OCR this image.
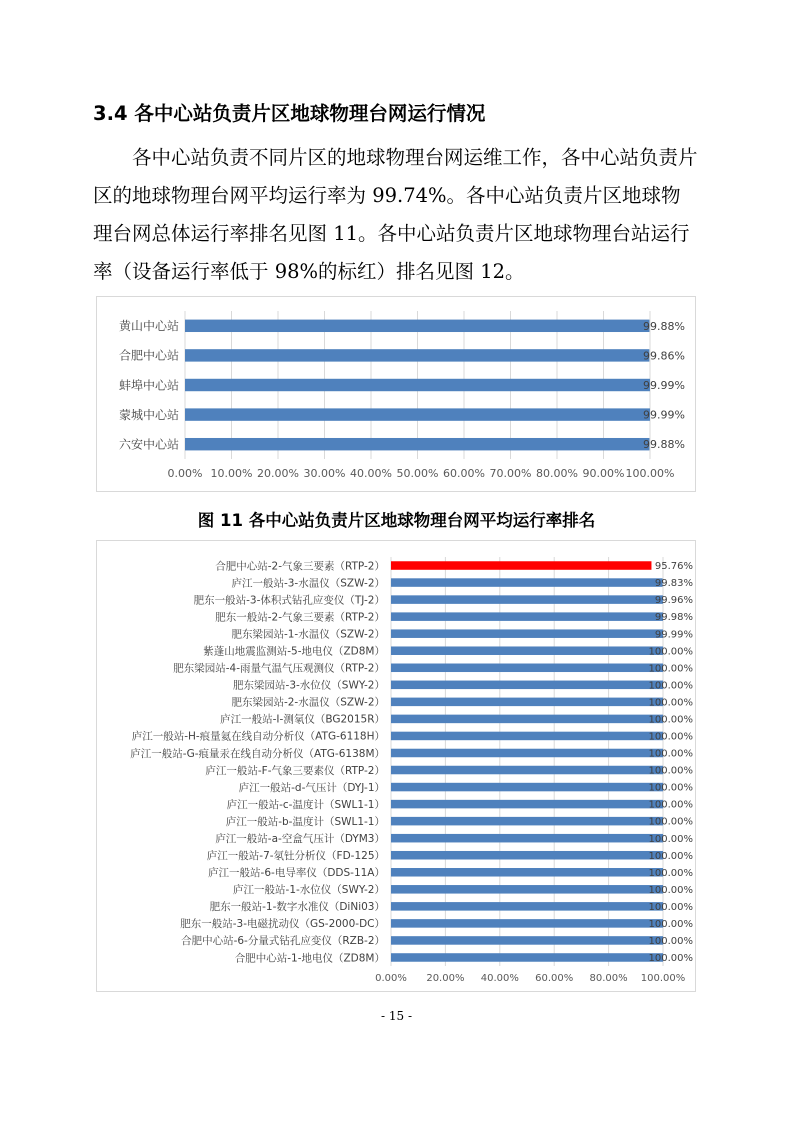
3.4 各中心站负责片区地球物理台网运行情况

各中心站负责不同片区的地球物理台网运维工作，各中心站负责片区的地球物理台网平均运行率为 99.74%。各中心站负责片区地球物理台网总体运行率排名见图 11。各中心站负责片区地球物理台站运行率（设备运行率低于 98%的标红）排名见图 12。

0.00% 10.00% 20.00% 30.00% 40.00% 50.00% 60.00% 70.00% 80.00% 90.00% 100.00%
黄山中心站	99.88%
合肥中心站	99.86%
蚌埠中心站	99.99%
蒙城中心站	99.99%
六安中心站	99.88%
图 11 各中心站负责片区地球物理台网平均运行率排名
0.00% 20.00% 40.00% 60.00% 80.00% 100.00%
合肥中心站-2-气象三要素（RTP-2）	95.76%
庐江一般站-3-水温仪（SZW-2）	99.83%
肥东一般站-3-体积式钻孔应变仪（TJ-2）	99.96%
肥东一般站-2-气象三要素（RTP-2）	99.98%
肥东梁园站-1-水温仪（SZW-2）	99.99%
紫蓬山地震监测站-5-地电仪（ZD8M）	100.00%
肥东梁园站-4-雨量气温气压观测仪（RTP-2）	100.00%
肥东梁园站-3-水位仪（SWY-2）	100.00%
肥东梁园站-2-水温仪（SZW-2）	100.00%
庐江一般站-I-测氡仪（BG2015R）	100.00%
庐江一般站-H-痕量氦在线自动分析仪（ATG-6118H）	100.00%
庐江一般站-G-痕量汞在线自动分析仪（ATG-6138M）	100.00%
庐江一般站-F-气象三要素仪（RTP-2）	100.00%
庐江一般站-d-气压计（DYJ-1）	100.00%
庐江一般站-c-温度计（SWL1-1）	100.00%
庐江一般站-b-温度计（SWL1-1）	100.00%
庐江一般站-a-空盒气压计（DYM3）	100.00%
庐江一般站-7-氡钍分析仪（FD-125）	100.00%
庐江一般站-6-电导率仪（DDS-11A）	100.00%
庐江一般站-1-水位仪（SWY-2）	100.00%
肥东一般站-1-数字水准仪（DiNi03）	100.00%
肥东一般站-3-电磁扰动仪（GS-2000-DC）	100.00%
合肥中心站-6-分量式钻孔应变仪（RZB-2）	100.00%
合肥中心站-1-地电仪（ZD8M）	100.00%
- 15 -
